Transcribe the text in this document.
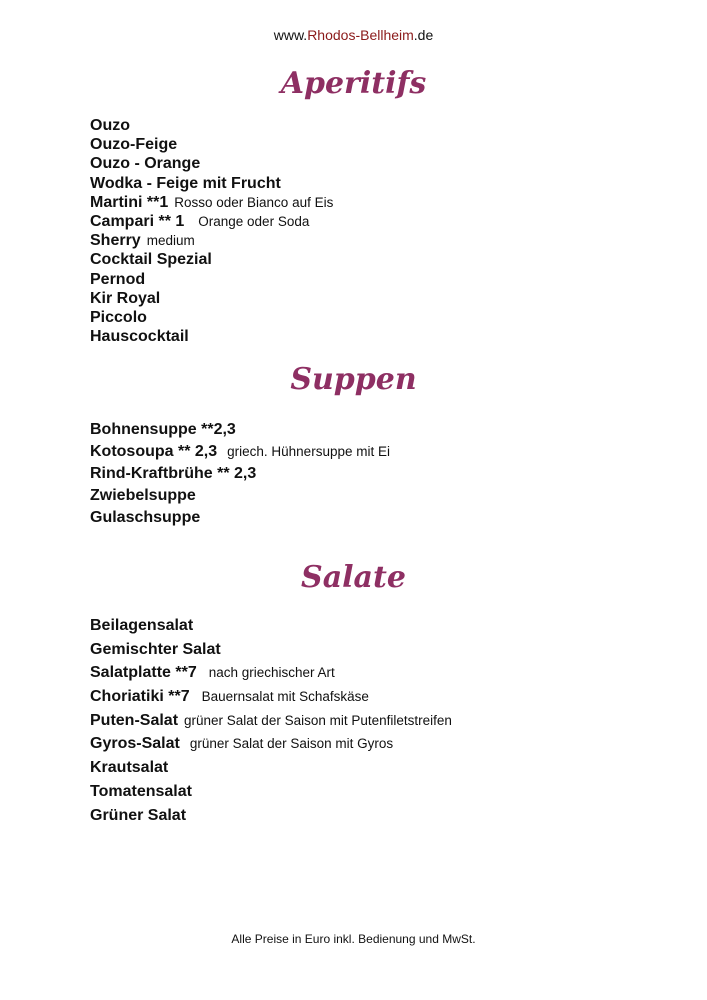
www.Rhodos-Bellheim.de
Aperitifs
Ouzo
Ouzo-Feige
Ouzo - Orange
Wodka - Feige mit Frucht
Martini **1 Rosso oder Bianco auf Eis
Campari ** 1 Orange oder Soda
Sherry medium
Cocktail Spezial
Pernod
Kir Royal
Piccolo
Hauscocktail
Suppen
Bohnensuppe **2,3
Kotosoupa ** 2,3 griech. Hühnersuppe mit Ei
Rind-Kraftbrühe ** 2,3
Zwiebelsuppe
Gulaschsuppe
Salate
Beilagensalat
Gemischter Salat
Salatplatte **7 nach griechischer Art
Choriatiki **7 Bauernsalat mit Schafskäse
Puten-Salat grüner Salat der Saison mit Putenfiletstreifen
Gyros-Salat grüner Salat der Saison mit Gyros
Krautsalat
Tomatensalat
Grüner Salat
Alle Preise in Euro inkl. Bedienung und MwSt.
